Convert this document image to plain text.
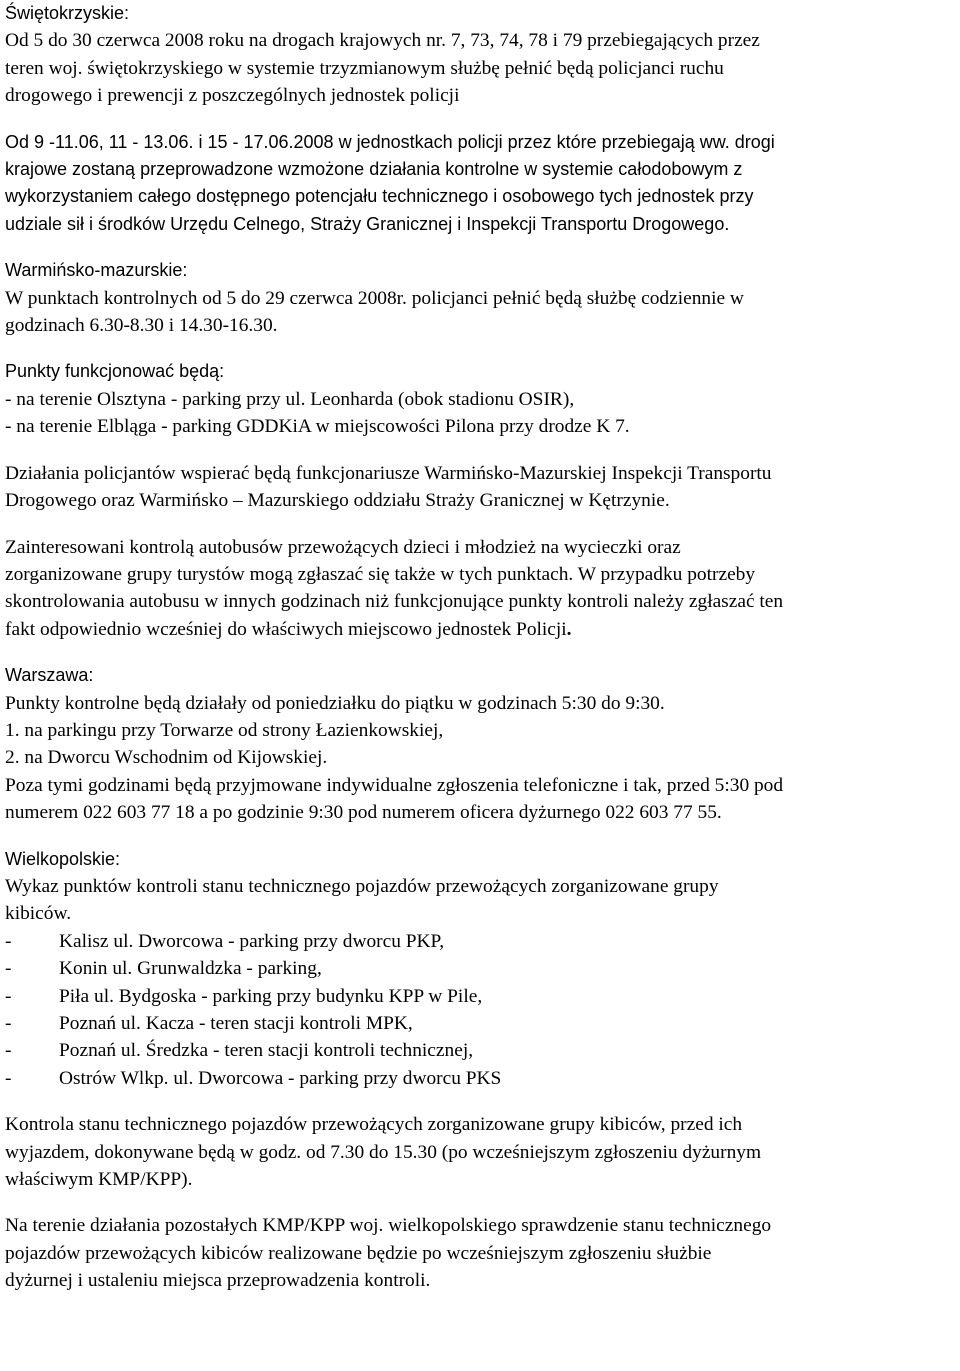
Świętokrzyskie:
Od 5 do 30 czerwca 2008 roku na drogach krajowych nr. 7, 73, 74, 78 i 79 przebiegających przez
teren woj. świętokrzyskiego w systemie trzyzmianowym służbę pełnić będą policjanci ruchu
drogowego i prewencji z poszczególnych jednostek policji
Od 9 -11.06, 11 - 13.06. i 15 - 17.06.2008 w jednostkach policji przez które przebiegają ww. drogi
krajowe zostaną przeprowadzone wzmożone działania kontrolne w systemie całodobowym z
wykorzystaniem całego dostępnego potencjału technicznego i osobowego tych jednostek przy
udziale sił i środków Urzędu Celnego, Straży Granicznej i Inspekcji Transportu Drogowego.
Warmińsko-mazurskie:
W punktach kontrolnych od 5 do 29 czerwca 2008r. policjanci pełnić będą służbę codziennie w
godzinach 6.30-8.30 i 14.30-16.30.
Punkty funkcjonować będą:
- na terenie Olsztyna - parking przy ul. Leonharda (obok stadionu OSIR),
- na terenie Elbląga - parking GDDKiA w miejscowości Pilona przy drodze K 7.
Działania policjantów wspierać będą funkcjonariusze Warmińsko-Mazurskiej Inspekcji Transportu
Drogowego oraz Warmińsko – Mazurskiego oddziału Straży Granicznej w Kętrzynie.
Zainteresowani kontrolą autobusów przewożących dzieci i młodzież na wycieczki oraz
zorganizowane grupy turystów mogą zgłaszać się także w tych punktach. W przypadku potrzeby
skontrolowania autobusu w innych godzinach niż funkcjonujące punkty kontroli należy zgłaszać ten
fakt odpowiednio wcześniej do właściwych miejscowo jednostek Policji.
Warszawa:
Punkty kontrolne będą działały od poniedziałku do piątku w godzinach 5:30 do 9:30.
1. na parkingu przy Torwarze od strony Łazienkowskiej,
2. na Dworcu Wschodnim od Kijowskiej.
Poza tymi godzinami będą przyjmowane indywidualne zgłoszenia telefoniczne i tak, przed 5:30 pod
numerem 022 603 77 18 a po godzinie 9:30 pod numerem oficera dyżurnego 022 603 77 55.
Wielkopolskie:
Wykaz punktów kontroli stanu technicznego pojazdów przewożących zorganizowane grupy
kibiców.
-	Kalisz ul. Dworcowa - parking przy dworcu PKP,
-	Konin ul. Grunwaldzka - parking,
-	Piła ul. Bydgoska - parking przy budynku KPP w Pile,
-	Poznań ul. Kacza - teren stacji kontroli MPK,
-	Poznań ul. Średzka - teren stacji kontroli technicznej,
-	Ostrów Wlkp. ul. Dworcowa - parking przy dworcu PKS
Kontrola stanu technicznego pojazdów przewożących zorganizowane grupy kibiców, przed ich
wyjazdem, dokonywane będą w godz. od 7.30 do 15.30 (po wcześniejszym zgłoszeniu dyżurnym
właściwym KMP/KPP).
Na terenie działania pozostałych KMP/KPP woj. wielkopolskiego sprawdzenie stanu technicznego
pojazdów przewożących kibiców realizowane będzie po wcześniejszym zgłoszeniu służbie
dyżurnej i ustaleniu miejsca przeprowadzenia kontroli.
